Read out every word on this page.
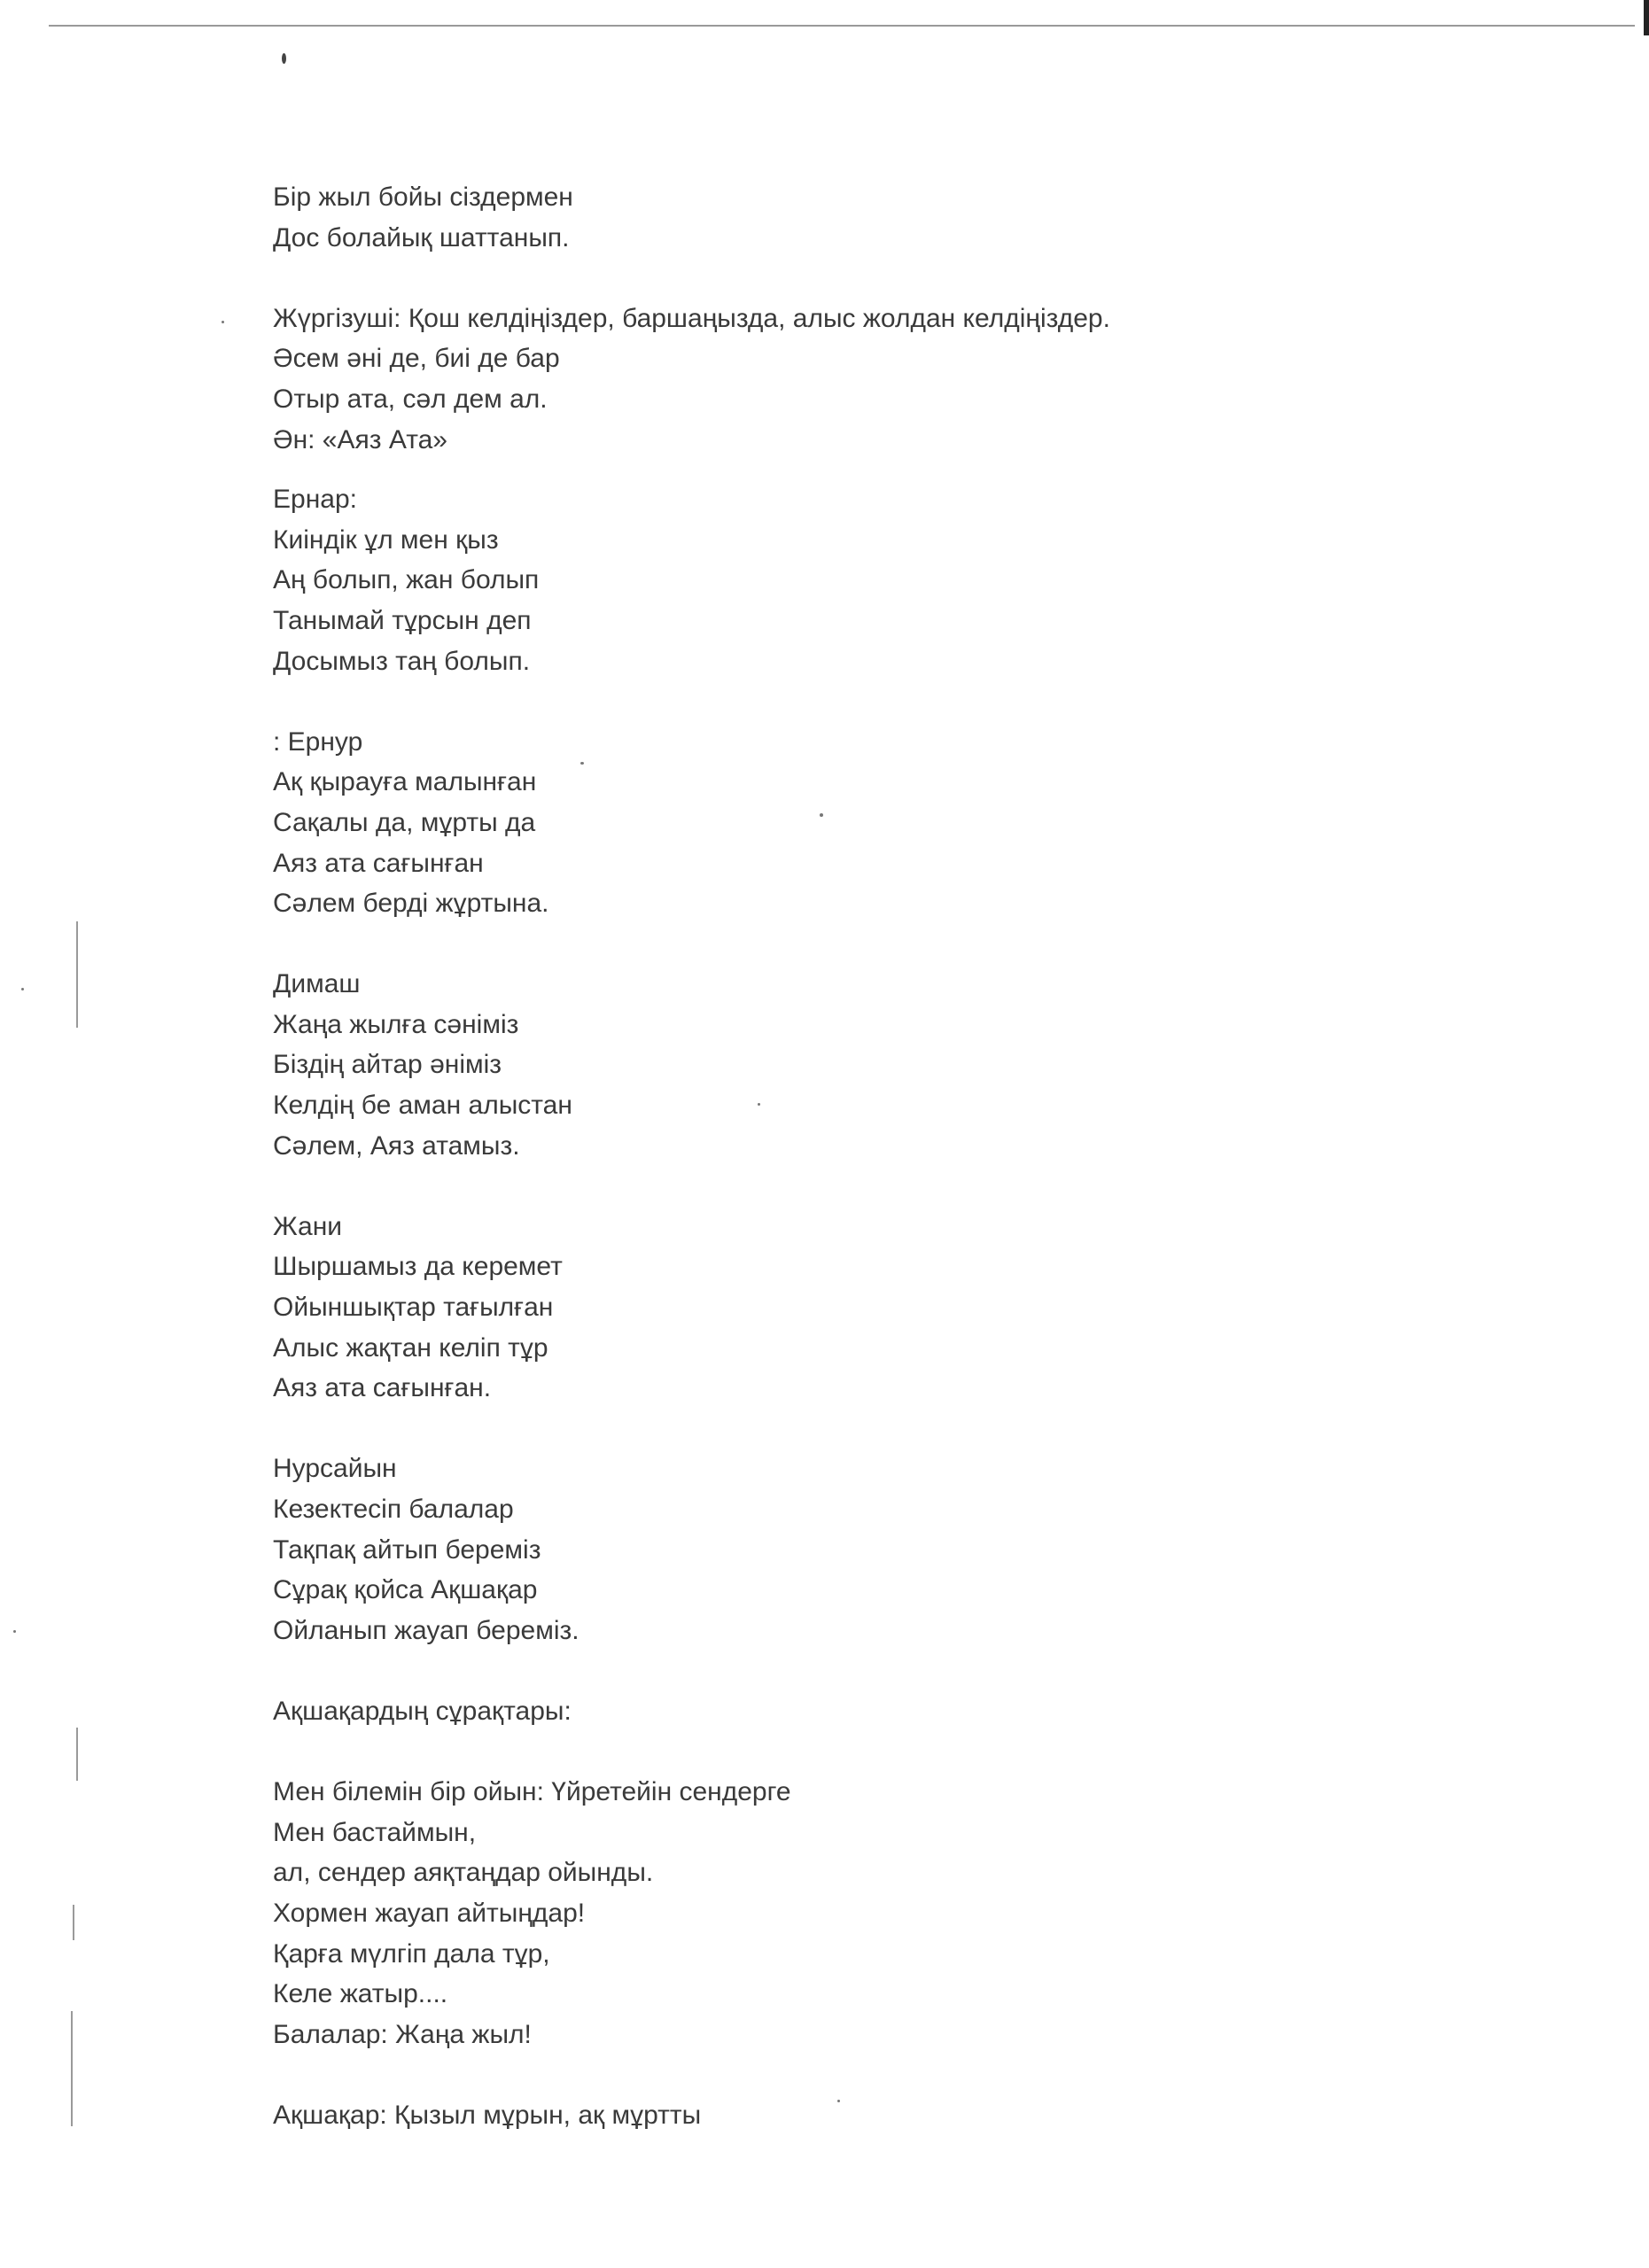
Бір жыл бойы сіздермен

Дос болайық шаттанып.

Жүргізуші: Қош келдіңіздер, баршаңызда, алыс жолдан келдіңіздер.

Әсем әні де, биі де бар

Отыр ата, сәл дем ал.

Ән: «Аяз Ата»

Ернар:

Киіндік ұл мен қыз

Аң болып, жан болып

Танымай тұрсын деп

Досымыз таң болып.

: Ернур

Ақ қырауға малынған

Сақалы да, мұрты да

Аяз ата сағынған

Сәлем берді жұртына.

Димаш

Жаңа жылға сәніміз

Біздің айтар әніміз

Келдің бе аман алыстан

Сәлем, Аяз атамыз.

Жани

Шыршамыз да керемет

Ойыншықтар тағылған

Алыс жақтан келіп тұр

Аяз ата сағынған.

Нурсайын

Кезектесіп балалар

Тақпақ айтып береміз

Сұрақ қойса Ақшақар

Ойланып жауап береміз.

Ақшақардың сұрақтары:

Мен білемін бір ойын: Үйретейін сендерге

Мен бастаймын,

ал, сендер аяқтаңдар ойынды.

Хормен жауап айтыңдар!

Қарға мүлгіп дала тұр,

Келе жатыр....

Балалар: Жаңа жыл!

Ақшақар: Қызыл мұрын, ақ мұртты
